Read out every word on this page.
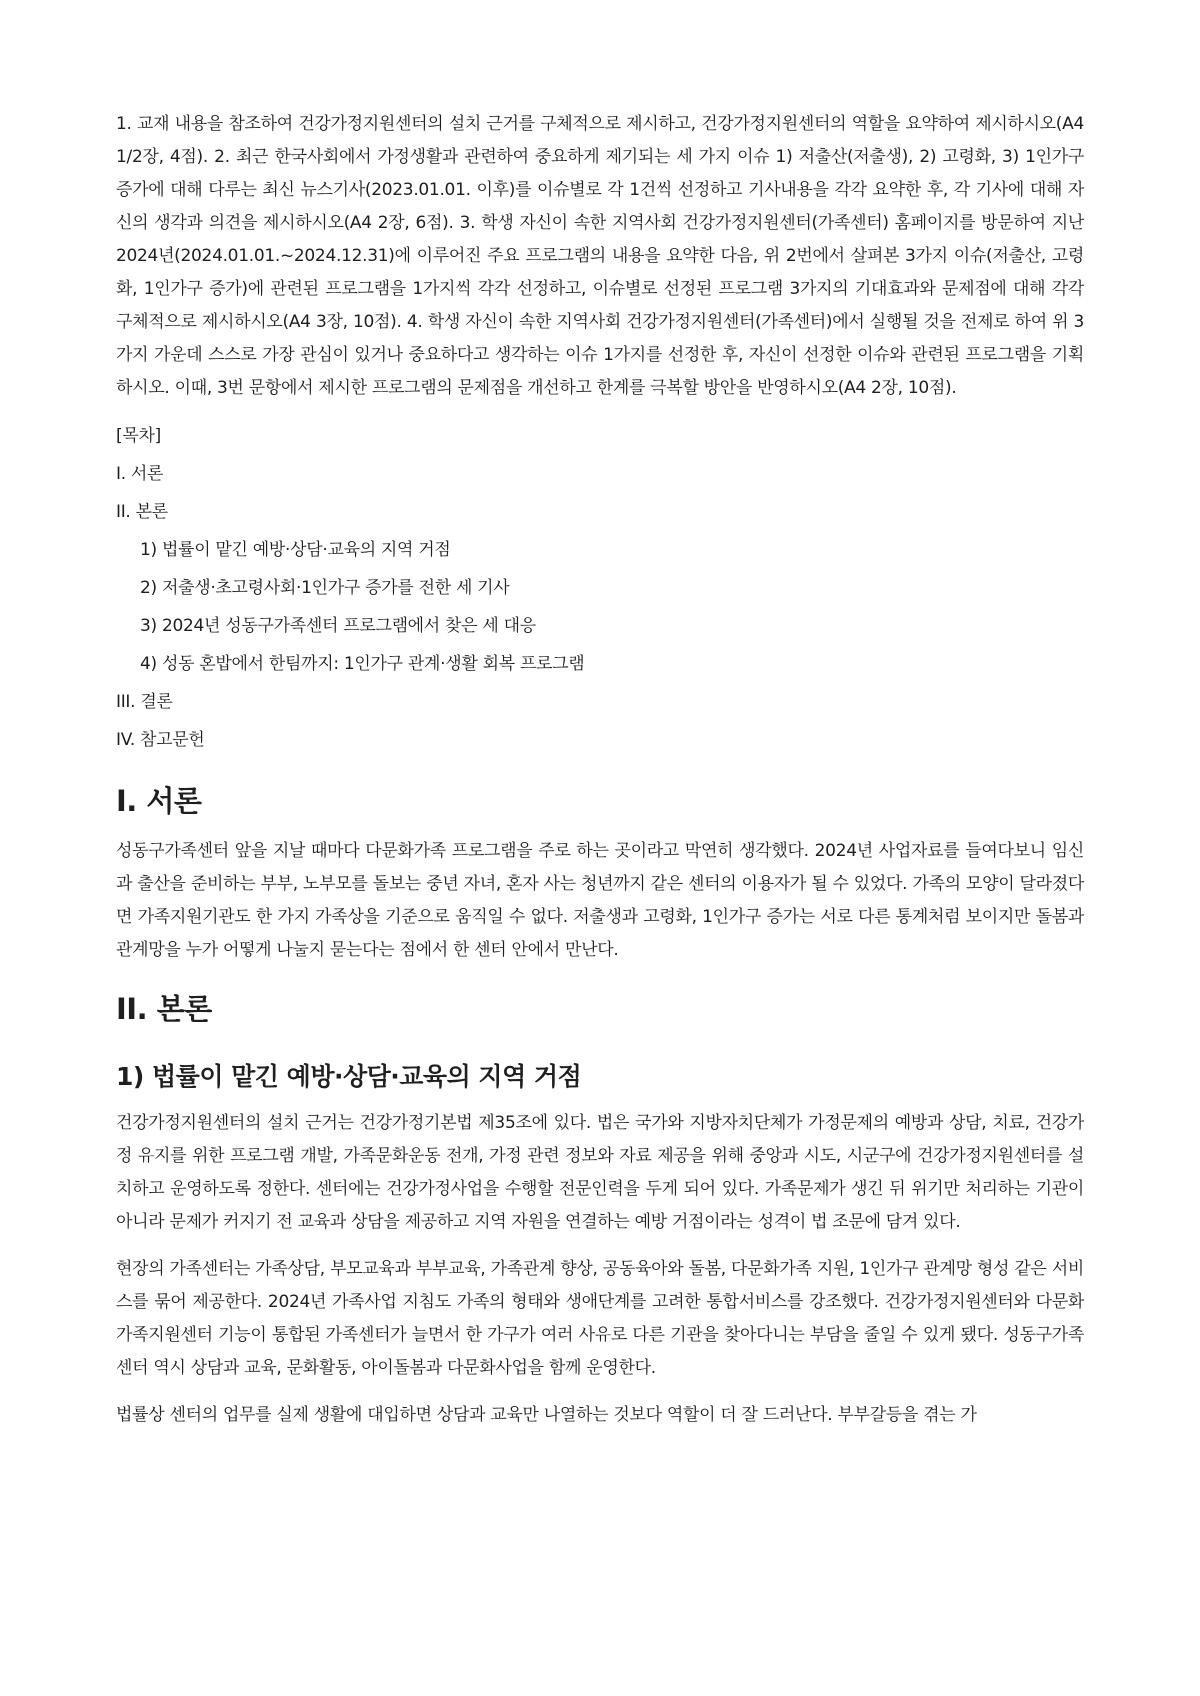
1. 교재 내용을 참조하여 건강가정지원센터의 설치 근거를 구체적으로 제시하고, 건강가정지원센터의 역할을 요약하여 제시하시오(A4 1/2장, 4점). 2. 최근 한국사회에서 가정생활과 관련하여 중요하게 제기되는 세 가지 이슈 1) 저출산(저출생), 2) 고령화, 3) 1인가구 증가에 대해 다루는 최신 뉴스기사(2023.01.01. 이후)를 이슈별로 각 1건씩 선정하고 기사내용을 각각 요약한 후, 각 기사에 대해 자신의 생각과 의견을 제시하시오(A4 2장, 6점). 3. 학생 자신이 속한 지역사회 건강가정지원센터(가족센터) 홈페이지를 방문하여 지난 2024년(2024.01.01.~2024.12.31)에 이루어진 주요 프로그램의 내용을 요약한 다음, 위 2번에서 살펴본 3가지 이슈(저출산, 고령화, 1인가구 증가)에 관련된 프로그램을 1가지씩 각각 선정하고, 이슈별로 선정된 프로그램 3가지의 기대효과와 문제점에 대해 각각 구체적으로 제시하시오(A4 3장, 10점). 4. 학생 자신이 속한 지역사회 건강가정지원센터(가족센터)에서 실행될 것을 전제로 하여 위 3가지 가운데 스스로 가장 관심이 있거나 중요하다고 생각하는 이슈 1가지를 선정한 후, 자신이 선정한 이슈와 관련된 프로그램을 기획하시오. 이때, 3번 문항에서 제시한 프로그램의 문제점을 개선하고 한계를 극복할 방안을 반영하시오(A4 2장, 10점).

[목차]

I. 서론

II. 본론

1) 법률이 맡긴 예방·상담·교육의 지역 거점

2) 저출생·초고령사회·1인가구 증가를 전한 세 기사

3) 2024년 성동구가족센터 프로그램에서 찾은 세 대응

4) 성동 혼밥에서 한팀까지: 1인가구 관계·생활 회복 프로그램

III. 결론

IV. 참고문헌

I. 서론

성동구가족센터 앞을 지날 때마다 다문화가족 프로그램을 주로 하는 곳이라고 막연히 생각했다. 2024년 사업자료를 들여다보니 임신과 출산을 준비하는 부부, 노부모를 돌보는 중년 자녀, 혼자 사는 청년까지 같은 센터의 이용자가 될 수 있었다. 가족의 모양이 달라졌다면 가족지원기관도 한 가지 가족상을 기준으로 움직일 수 없다. 저출생과 고령화, 1인가구 증가는 서로 다른 통계처럼 보이지만 돌봄과 관계망을 누가 어떻게 나눌지 묻는다는 점에서 한 센터 안에서 만난다.

II. 본론
1) 법률이 맡긴 예방·상담·교육의 지역 거점

건강가정지원센터의 설치 근거는 건강가정기본법 제35조에 있다. 법은 국가와 지방자치단체가 가정문제의 예방과 상담, 치료, 건강가정 유지를 위한 프로그램 개발, 가족문화운동 전개, 가정 관련 정보와 자료 제공을 위해 중앙과 시도, 시군구에 건강가정지원센터를 설치하고 운영하도록 정한다. 센터에는 건강가정사업을 수행할 전문인력을 두게 되어 있다. 가족문제가 생긴 뒤 위기만 처리하는 기관이 아니라 문제가 커지기 전 교육과 상담을 제공하고 지역 자원을 연결하는 예방 거점이라는 성격이 법 조문에 담겨 있다.

현장의 가족센터는 가족상담, 부모교육과 부부교육, 가족관계 향상, 공동육아와 돌봄, 다문화가족 지원, 1인가구 관계망 형성 같은 서비스를 묶어 제공한다. 2024년 가족사업 지침도 가족의 형태와 생애단계를 고려한 통합서비스를 강조했다. 건강가정지원센터와 다문화가족지원센터 기능이 통합된 가족센터가 늘면서 한 가구가 여러 사유로 다른 기관을 찾아다니는 부담을 줄일 수 있게 됐다. 성동구가족센터 역시 상담과 교육, 문화활동, 아이돌봄과 다문화사업을 함께 운영한다.

법률상 센터의 업무를 실제 생활에 대입하면 상담과 교육만 나열하는 것보다 역할이 더 잘 드러난다. 부부갈등을 겪는 가
